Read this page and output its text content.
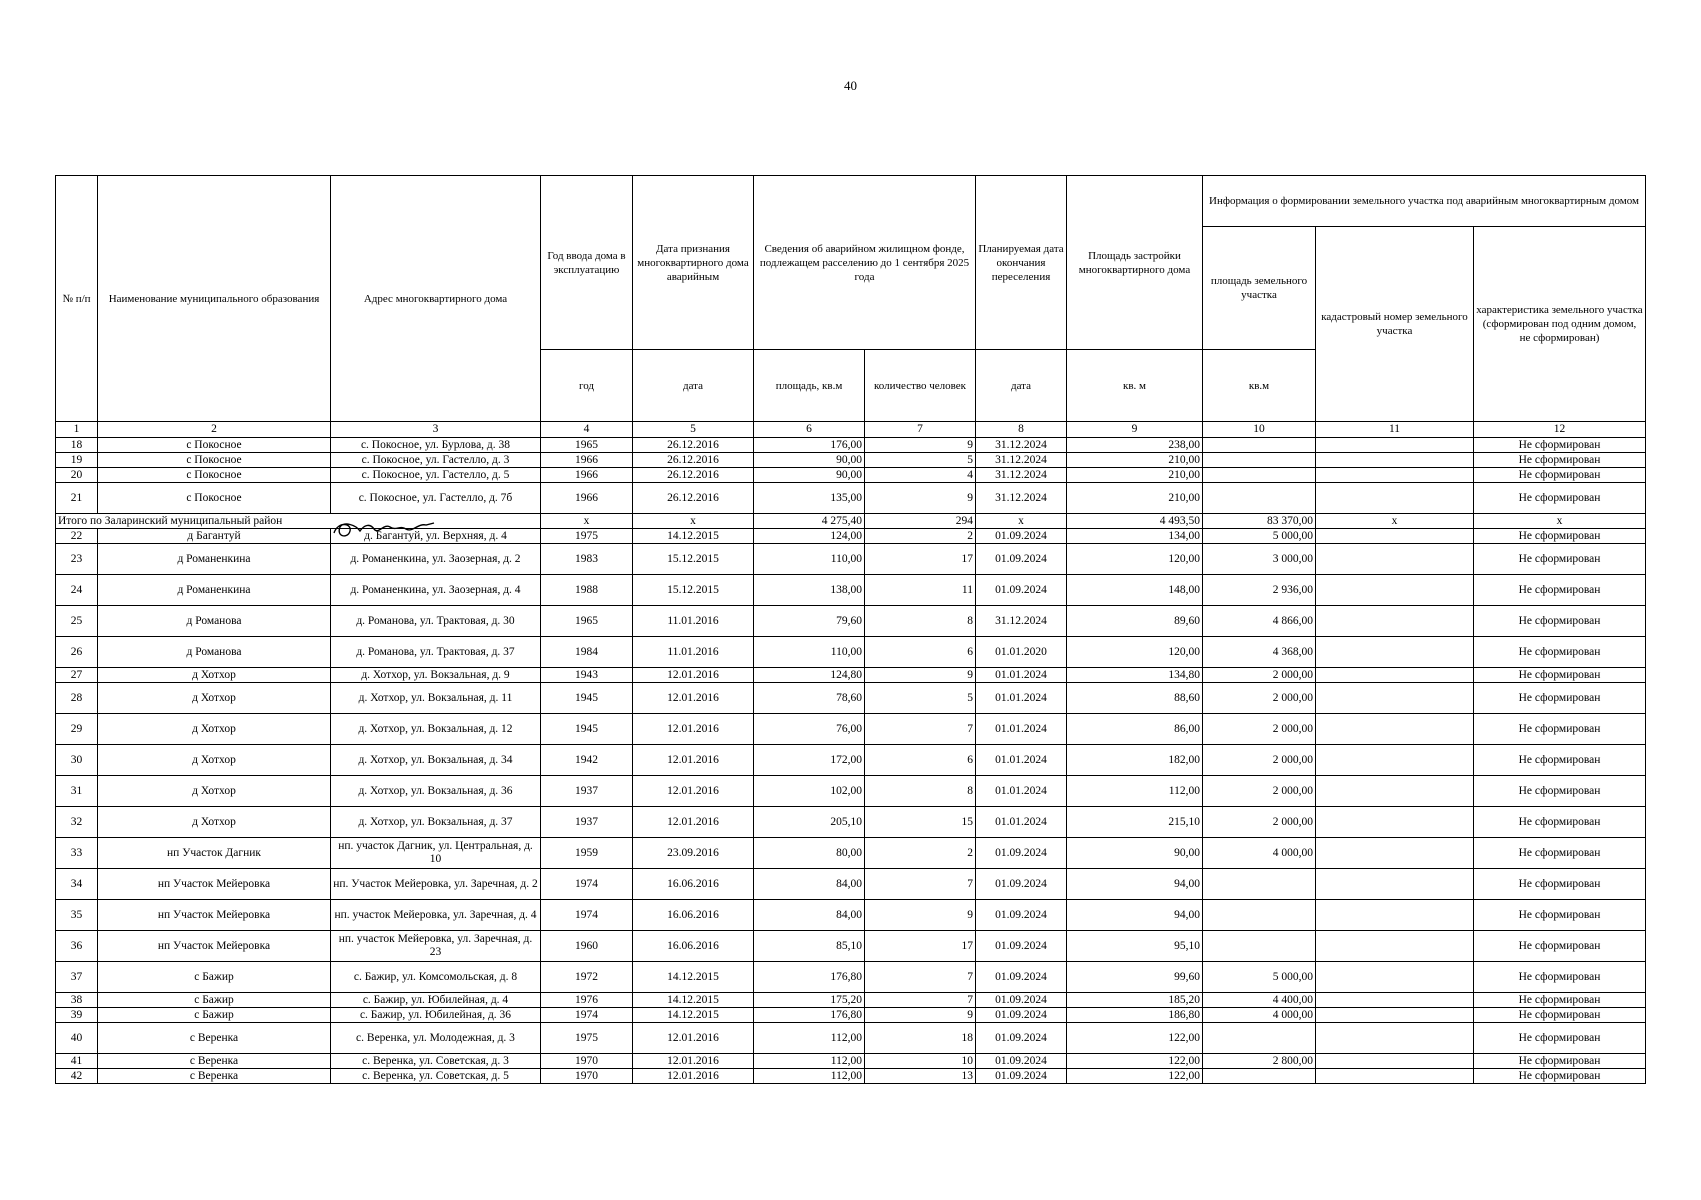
40
№ п/п	Наименование муниципального образования	Адрес многоквартирного дома	Год ввода дома в эксплуатацию	Дата признания многоквартирного дома аварийным	Сведения об аварийном жилищном фонде, подлежащем расселению до 1 сентября 2025 года		Планируемая дата окончания переселения	Площадь застройки многоквартирного дома	Информация о формировании земельного участка под аварийным многоквартирным домом		
									площадь земельного участка	кадастровый номер земельного участка	характеристика земельного участка (сформирован под одним домом, не сформирован)
			год	дата	площадь, кв.м	количество человек	дата	кв. м	кв.м		
1	2	3	4	5	6	7	8	9	10	11	12
18	с Покосное	с. Покосное, ул. Бурлова, д. 38	1965	26.12.2016	176,00	9	31.12.2024	238,00			Не сформирован
19	с Покосное	с. Покосное, ул. Гастелло, д. 3	1966	26.12.2016	90,00	5	31.12.2024	210,00			Не сформирован
20	с Покосное	с. Покосное, ул. Гастелло, д. 5	1966	26.12.2016	90,00	4	31.12.2024	210,00			Не сформирован
21	с Покосное	с. Покосное, ул. Гастелло, д. 7б	1966	26.12.2016	135,00	9	31.12.2024	210,00			Не сформирован
Итого по Заларинский муниципальный район			x	x	4 275,40	294	x	4 493,50	83 370,00	x	x
22	д Багантуй	д. Багантуй, ул. Верхняя, д. 4	1975	14.12.2015	124,00	2	01.09.2024	134,00	5 000,00		Не сформирован
23	д Романенкина	д. Романенкина, ул. Заозерная, д. 2	1983	15.12.2015	110,00	17	01.09.2024	120,00	3 000,00		Не сформирован
24	д Романенкина	д. Романенкина, ул. Заозерная, д. 4	1988	15.12.2015	138,00	11	01.09.2024	148,00	2 936,00		Не сформирован
25	д Романова	д. Романова, ул. Трактовая, д. 30	1965	11.01.2016	79,60	8	31.12.2024	89,60	4 866,00		Не сформирован
26	д Романова	д. Романова, ул. Трактовая, д. 37	1984	11.01.2016	110,00	6	01.01.2020	120,00	4 368,00		Не сформирован
27	д Хотхор	д. Хотхор, ул. Вокзальная, д. 9	1943	12.01.2016	124,80	9	01.01.2024	134,80	2 000,00		Не сформирован
28	д Хотхор	д. Хотхор, ул. Вокзальная, д. 11	1945	12.01.2016	78,60	5	01.01.2024	88,60	2 000,00		Не сформирован
29	д Хотхор	д. Хотхор, ул. Вокзальная, д. 12	1945	12.01.2016	76,00	7	01.01.2024	86,00	2 000,00		Не сформирован
30	д Хотхор	д. Хотхор, ул. Вокзальная, д. 34	1942	12.01.2016	172,00	6	01.01.2024	182,00	2 000,00		Не сформирован
31	д Хотхор	д. Хотхор, ул. Вокзальная, д. 36	1937	12.01.2016	102,00	8	01.01.2024	112,00	2 000,00		Не сформирован
32	д Хотхор	д. Хотхор, ул. Вокзальная, д. 37	1937	12.01.2016	205,10	15	01.01.2024	215,10	2 000,00		Не сформирован
33	нп Участок Дагник	нп. участок Дагник, ул. Центральная, д. 10	1959	23.09.2016	80,00	2	01.09.2024	90,00	4 000,00		Не сформирован
34	нп Участок Мейеровка	нп. Участок Мейеровка, ул. Заречная, д. 2	1974	16.06.2016	84,00	7	01.09.2024	94,00			Не сформирован
35	нп Участок Мейеровка	нп. участок Мейеровка, ул. Заречная, д. 4	1974	16.06.2016	84,00	9	01.09.2024	94,00			Не сформирован
36	нп Участок Мейеровка	нп. участок Мейеровка, ул. Заречная, д. 23	1960	16.06.2016	85,10	17	01.09.2024	95,10			Не сформирован
37	с Бажир	с. Бажир, ул. Комсомольская, д. 8	1972	14.12.2015	176,80	7	01.09.2024	99,60	5 000,00		Не сформирован
38	с Бажир	с. Бажир, ул. Юбилейная, д. 4	1976	14.12.2015	175,20	7	01.09.2024	185,20	4 400,00		Не сформирован
39	с Бажир	с. Бажир, ул. Юбилейная, д. 36	1974	14.12.2015	176,80	9	01.09.2024	186,80	4 000,00		Не сформирован
40	с Веренка	с. Веренка, ул. Молодежная, д. 3	1975	12.01.2016	112,00	18	01.09.2024	122,00			Не сформирован
41	с Веренка	с. Веренка, ул. Советская, д. 3	1970	12.01.2016	112,00	10	01.09.2024	122,00	2 800,00		Не сформирован
42	с Веренка	с. Веренка, ул. Советская, д. 5	1970	12.01.2016	112,00	13	01.09.2024	122,00			Не сформирован
